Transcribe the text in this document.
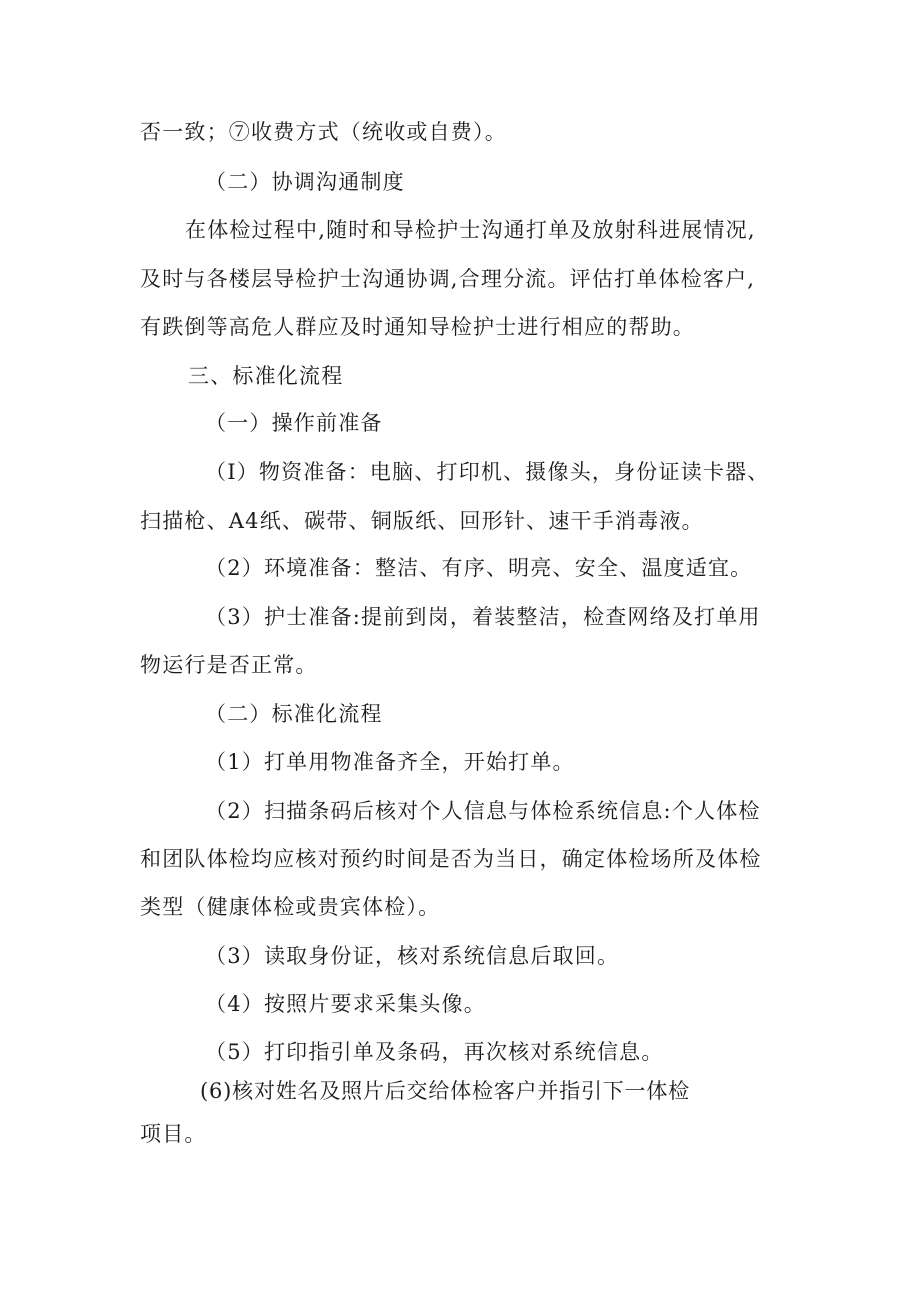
否一致；⑦收费方式（统收或自费）。
（二）协调沟通制度
在体检过程中,随时和导检护士沟通打单及放射科进展情况,
及时与各楼层导检护士沟通协调,合理分流。评估打单体检客户,
有跌倒等高危人群应及时通知导检护士进行相应的帮助。
三、标准化流程
（一）操作前准备
（I）物资准备：电脑、打印机、摄像头，身份证读卡器、
扫描枪、A4纸、碳带、铜版纸、回形针、速干手消毒液。
（2）环境准备：整洁、有序、明亮、安全、温度适宜。
（3）护士准备:提前到岗，着装整洁，检查网络及打单用
物运行是否正常。
（二）标准化流程
（1）打单用物准备齐全，开始打单。
（2）扫描条码后核对个人信息与体检系统信息:个人体检
和团队体检均应核对预约时间是否为当日，确定体检场所及体检
类型（健康体检或贵宾体检）。
（3）读取身份证，核对系统信息后取回。
（4）按照片要求采集头像。
（5）打印指引单及条码，再次核对系统信息。
(6)核对姓名及照片后交给体检客户并指引下一体检
项目。
